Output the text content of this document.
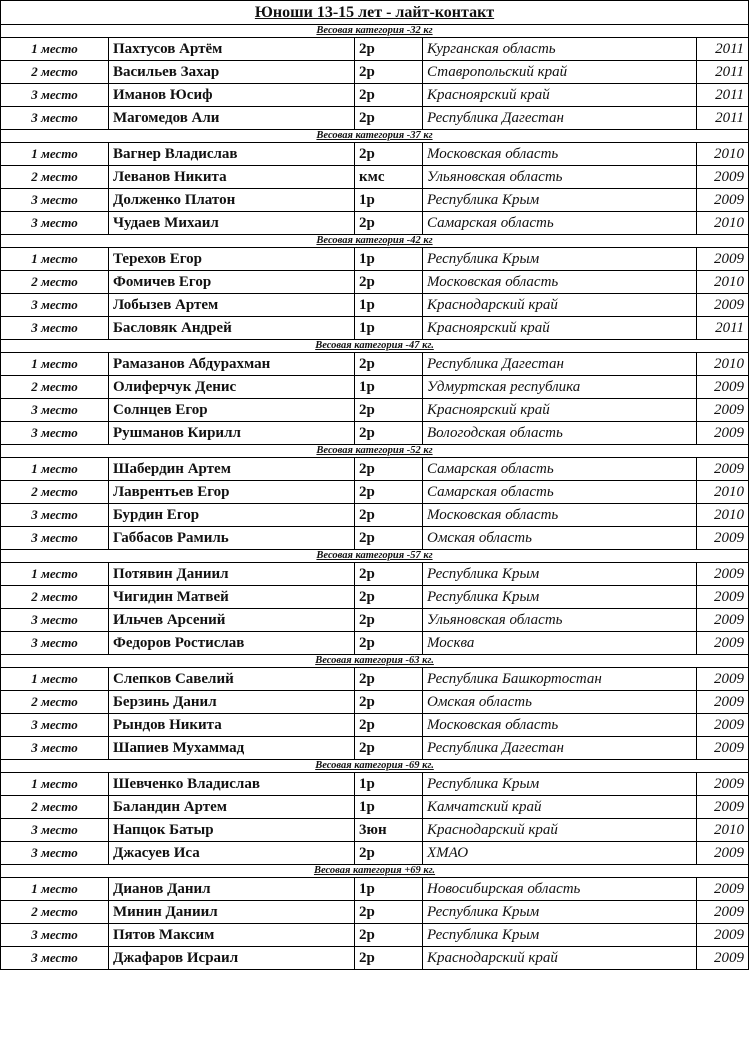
Юноши 13-15 лет - лайт-контакт				
Весовая категория -32 кг				
1 место	Пахтусов Артём	2р	Курганская область	2011
2 место	Васильев Захар	2р	Ставропольский край	2011
3 место	Иманов Юсиф	2р	Красноярский край	2011
3 место	Магомедов Али	2р	Республика Дагестан	2011
Весовая категория -37 кг				
1 место	Вагнер Владислав	2р	Московская область	2010
2 место	Леванов Никита	кмс	Ульяновская область	2009
3 место	Долженко Платон	1р	Республика Крым	2009
3 место	Чудаев Михаил	2р	Самарская область	2010
Весовая категория -42 кг				
1 место	Терехов Егор	1р	Республика Крым	2009
2 место	Фомичев Егор	2р	Московская область	2010
3 место	Лобызев Артем	1р	Краснодарский край	2009
3 место	Басловяк Андрей	1р	Красноярский край	2011
Весовая категория -47 кг.				
1 место	Рамазанов Абдурахман	2р	Республика Дагестан	2010
2 место	Олиферчук Денис	1р	Удмуртская республика	2009
3 место	Солнцев Егор	2р	Красноярский край	2009
3 место	Рушманов Кирилл	2р	Вологодская область	2009
Весовая категория -52 кг				
1 место	Шабердин Артем	2р	Самарская область	2009
2 место	Лаврентьев Егор	2р	Самарская область	2010
3 место	Бурдин Егор	2р	Московская область	2010
3 место	Габбасов Рамиль	2р	Омская область	2009
Весовая категория -57 кг				
1 место	Потявин Даниил	2р	Республика Крым	2009
2 место	Чигидин Матвей	2р	Республика Крым	2009
3 место	Ильчев Арсений	2р	Ульяновская область	2009
3 место	Федоров Ростислав	2р	Москва	2009
Весовая категория -63 кг.				
1 место	Слепков Савелий	2р	Республика Башкортостан	2009
2 место	Берзинь Данил	2р	Омская область	2009
3 место	Рындов Никита	2р	Московская область	2009
3 место	Шапиев Мухаммад	2р	Республика Дагестан	2009
Весовая категория -69 кг.				
1 место	Шевченко Владислав	1р	Республика Крым	2009
2 место	Баландин Артем	1р	Камчатский край	2009
3 место	Напцок Батыр	3юн	Краснодарский край	2010
3 место	Джасуев Иса	2р	ХМАО	2009
Весовая категория +69 кг.				
1 место	Дианов Данил	1р	Новосибирская область	2009
2 место	Минин Даниил	2р	Республика Крым	2009
3 место	Пятов Максим	2р	Республика Крым	2009
3 место	Джафаров Исраил	2р	Краснодарский край	2009
